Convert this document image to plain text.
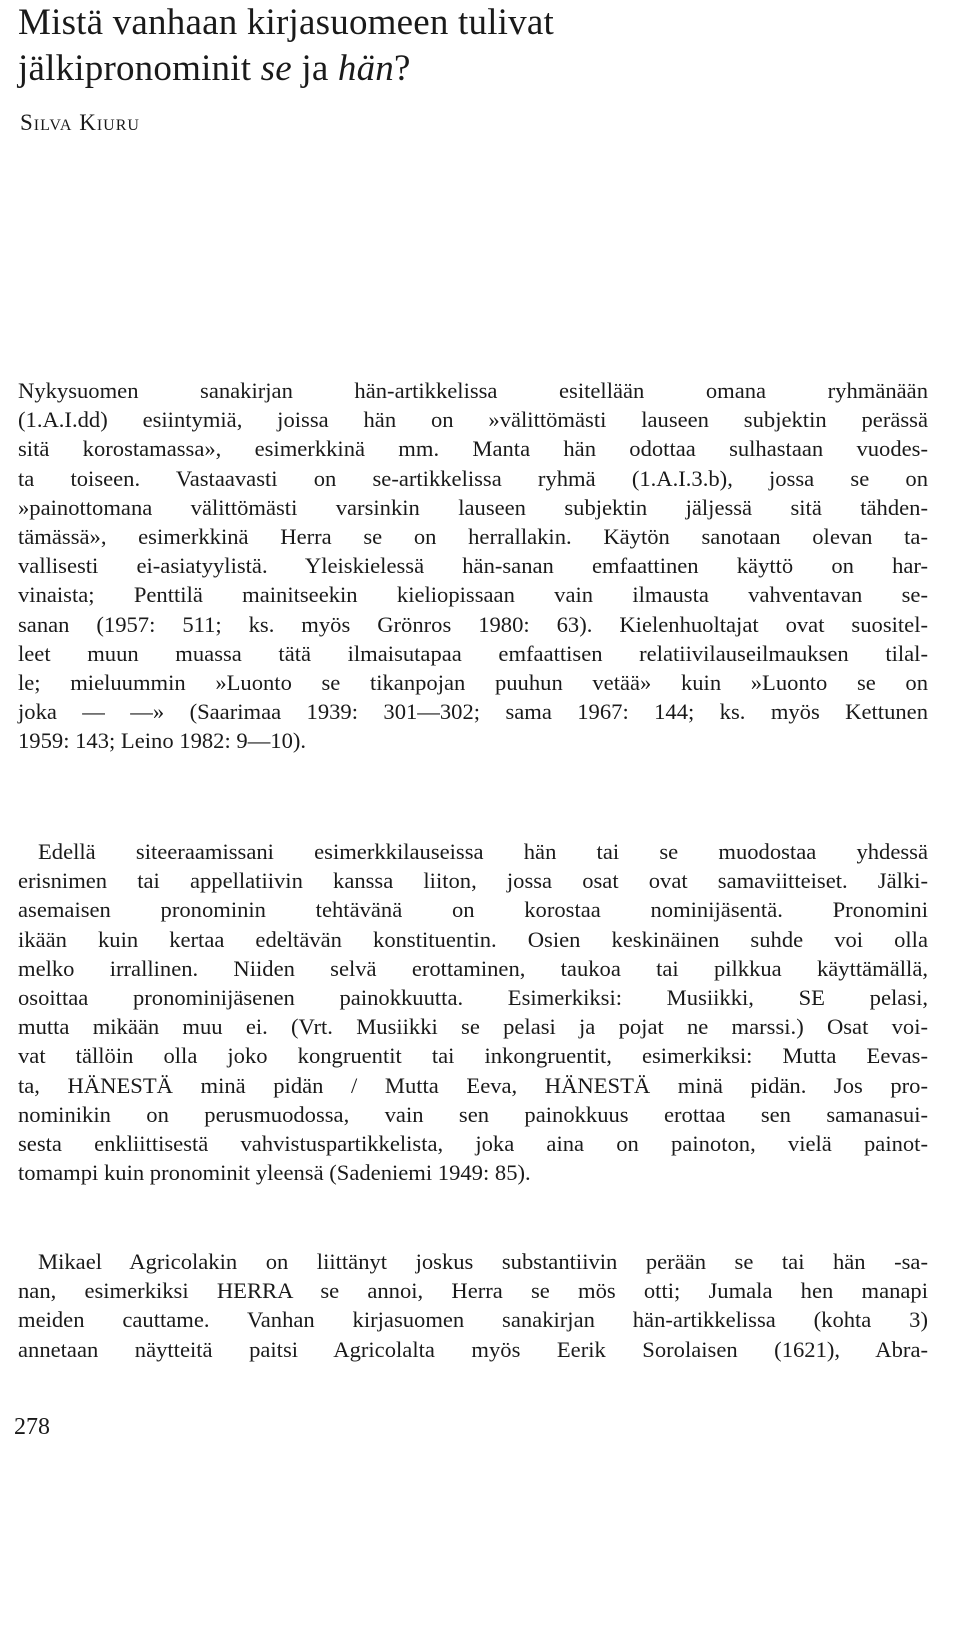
Mistä vanhaan kirjasuomeen tulivat
jälkipronominit se ja hän?
Silva Kiuru
Nykysuomen sanakirjan hän-artikkelissa esitellään omana ryhmänään
(1.A.I.dd) esiintymiä, joissa hän on »välittömästi lauseen subjektin perässä
sitä korostamassa», esimerkkinä mm. Manta hän odottaa sulhastaan vuodes-
ta toiseen. Vastaavasti on se-artikkelissa ryhmä (1.A.I.3.b), jossa se on
»painottomana välittömästi varsinkin lauseen subjektin jäljessä sitä tähden-
tämässä», esimerkkinä Herra se on herrallakin. Käytön sanotaan olevan ta-
vallisesti ei-asiatyylistä. Yleiskielessä hän-sanan emfaattinen käyttö on har-
vinaista; Penttilä mainitseekin kieliopissaan vain ilmausta vahventavan se-
sanan (1957: 511; ks. myös Grönros 1980: 63). Kielenhuoltajat ovat suositel-
leet muun muassa tätä ilmaisutapaa emfaattisen relatiivilauseilmauksen tilal-
le; mieluummin »Luonto se tikanpojan puuhun vetää» kuin »Luonto se on
joka — —» (Saarimaa 1939: 301—302; sama 1967: 144; ks. myös Kettunen
1959: 143; Leino 1982: 9—10).
Edellä siteeraamissani esimerkkilauseissa hän tai se muodostaa yhdessä
erisnimen tai appellatiivin kanssa liiton, jossa osat ovat samaviitteiset. Jälki-
asemaisen pronominin tehtävänä on korostaa nominijäsentä. Pronomini
ikään kuin kertaa edeltävän konstituentin. Osien keskinäinen suhde voi olla
melko irrallinen. Niiden selvä erottaminen, taukoa tai pilkkua käyttämällä,
osoittaa pronominijäsenen painokkuutta. Esimerkiksi: Musiikki, SE pelasi,
mutta mikään muu ei. (Vrt. Musiikki se pelasi ja pojat ne marssi.) Osat voi-
vat tällöin olla joko kongruentit tai inkongruentit, esimerkiksi: Mutta Eevas-
ta, HÄNESTÄ minä pidän / Mutta Eeva, HÄNESTÄ minä pidän. Jos pro-
nominikin on perusmuodossa, vain sen painokkuus erottaa sen samanasui-
sesta enkliittisestä vahvistuspartikkelista, joka aina on painoton, vielä painot-
tomampi kuin pronominit yleensä (Sadeniemi 1949: 85).
Mikael Agricolakin on liittänyt joskus substantiivin perään se tai hän -sa-
nan, esimerkiksi HERRA se annoi, Herra se mös otti; Jumala hen manapi
meiden cauttame. Vanhan kirjasuomen sanakirjan hän-artikkelissa (kohta 3)
annetaan näytteitä paitsi Agricolalta myös Eerik Sorolaisen (1621), Abra-
278
